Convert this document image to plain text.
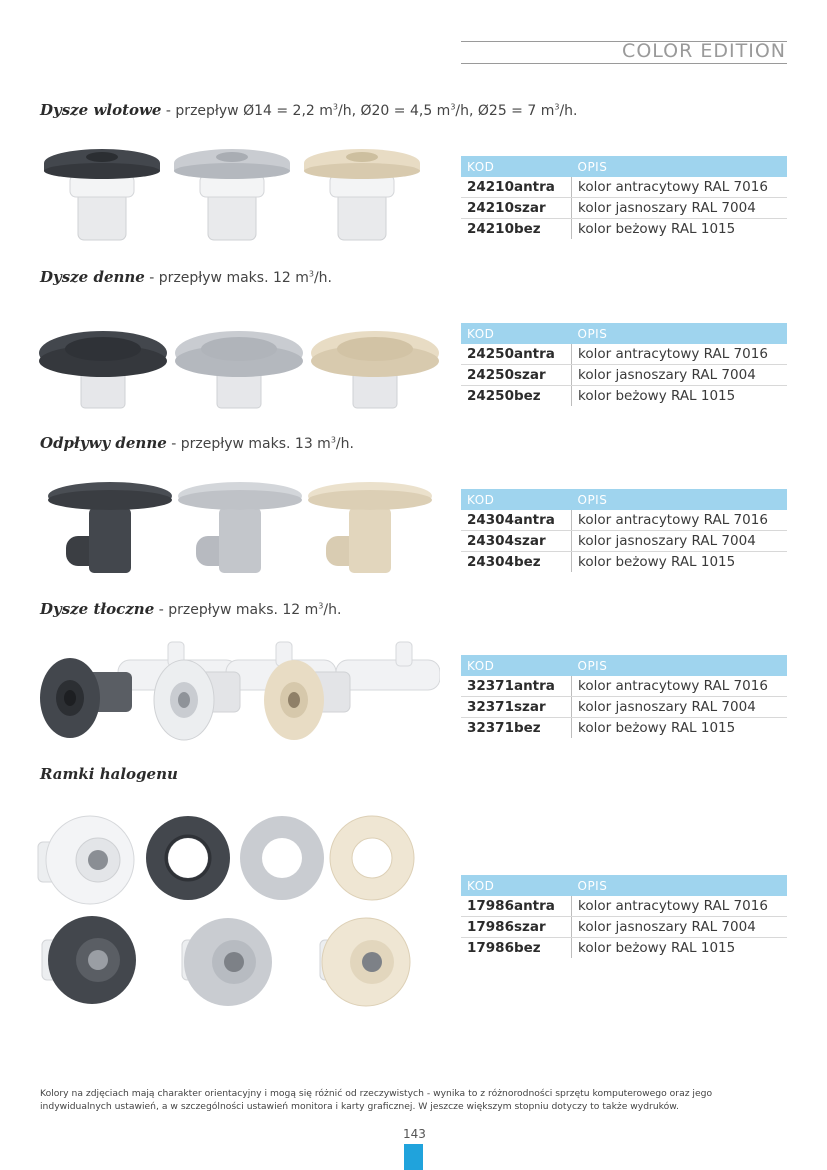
COLOR EDITION
Dysze wlotowe - przepływ Ø14 = 2,2 $m^3/h$, Ø20 = 4,5 $m^3/h$, Ø25 = 7 $m^3/h$.
KOD	OPIS
24210antra	kolor antracytowy RAL 7016
24210szar	kolor jasnoszary RAL 7004
24210bez	kolor beżowy RAL 1015
Dysze denne - przepływ maks. 12 $m^3/h$.
KOD	OPIS
24250antra	kolor antracytowy RAL 7016
24250szar	kolor jasnoszary RAL 7004
24250bez	kolor beżowy RAL 1015
Odpływy denne - przepływ maks. 13 $m^3/h$.
KOD	OPIS
24304antra	kolor antracytowy RAL 7016
24304szar	kolor jasnoszary RAL 7004
24304bez	kolor beżowy RAL 1015
Dysze tłoczne - przepływ maks. 12 $m^3/h$.
KOD	OPIS
32371antra	kolor antracytowy RAL 7016
32371szar	kolor jasnoszary RAL 7004
32371bez	kolor beżowy RAL 1015
Ramki halogenu
KOD	OPIS
17986antra	kolor antracytowy RAL 7016
17986szar	kolor jasnoszary RAL 7004
17986bez	kolor beżowy RAL 1015
Kolory na zdjęciach mają charakter orientacyjny i mogą się różnić od rzeczywistych - wynika to z różnorodności sprzętu komputerowego oraz jego indywidualnych ustawień, a w szczególności ustawień monitora i karty graficznej. W jeszcze większym stopniu dotyczy to także wydruków.
143
